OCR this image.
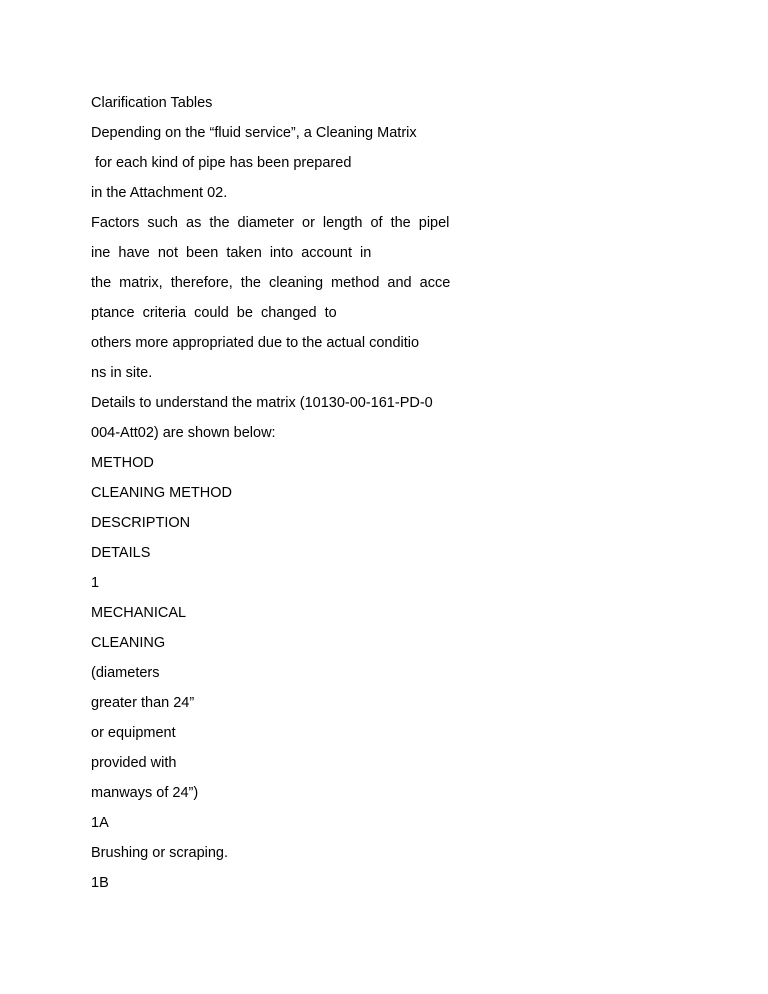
Clarification Tables
Depending on the “fluid service”, a Cleaning Matrix
for each kind of pipe has been prepared
in the Attachment 02.
Factors such as the diameter or length of the pipel
ine have not been taken into account in
the matrix, therefore, the cleaning method and acce
ptance criteria could be changed to
others more appropriated due to the actual conditio
ns in site.
Details to understand the matrix (10130-00-161-PD-0
004-Att02) are shown below:
METHOD
CLEANING METHOD
DESCRIPTION
DETAILS
1
MECHANICAL
CLEANING
(diameters
greater than 24”
or equipment
provided with
manways of 24”)
1A
Brushing or scraping.
1B
